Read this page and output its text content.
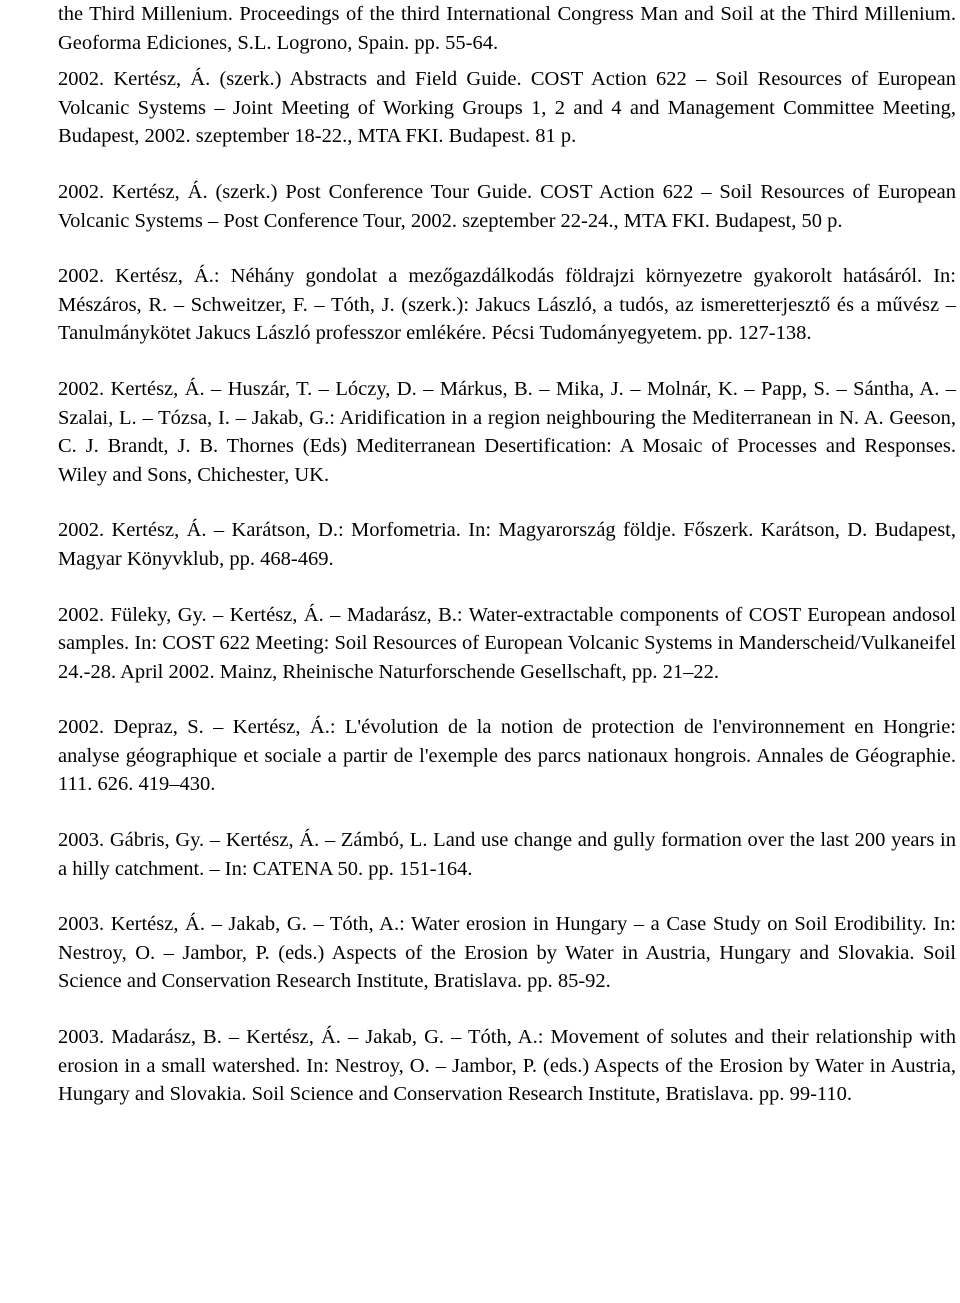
the Third Millenium. Proceedings of the third International Congress Man and Soil at the Third Millenium. Geoforma Ediciones, S.L. Logrono, Spain. pp. 55-64.

2002. Kertész, Á. (szerk.) Abstracts and Field Guide. COST Action 622 – Soil Resources of European Volcanic Systems – Joint Meeting of Working Groups 1, 2 and 4 and Management Committee Meeting, Budapest, 2002. szeptember 18-22., MTA FKI. Budapest. 81 p.

2002. Kertész, Á. (szerk.) Post Conference Tour Guide. COST Action 622 – Soil Resources of European Volcanic Systems – Post Conference Tour, 2002. szeptember 22-24., MTA FKI. Budapest, 50 p.

2002. Kertész, Á.: Néhány gondolat a mezőgazdálkodás földrajzi környezetre gyakorolt hatásáról. In: Mészáros, R. – Schweitzer, F. – Tóth, J. (szerk.): Jakucs László, a tudós, az ismeretterjesztő és a művész – Tanulmánykötet Jakucs László professzor emlékére. Pécsi Tudományegyetem. pp. 127-138.

2002. Kertész, Á. – Huszár, T. – Lóczy, D. – Márkus, B. – Mika, J. – Molnár, K. – Papp, S. – Sántha, A. – Szalai, L. – Tózsa, I. – Jakab, G.: Aridification in a region neighbouring the Mediterranean in N. A. Geeson, C. J. Brandt, J. B. Thornes (Eds) Mediterranean Desertification: A Mosaic of Processes and Responses. Wiley and Sons, Chichester, UK.

2002. Kertész, Á. – Karátson, D.: Morfometria. In: Magyarország földje. Főszerk. Karátson, D. Budapest, Magyar Könyvklub, pp. 468-469.

2002. Füleky, Gy. – Kertész, Á. – Madarász, B.: Water-extractable components of COST European andosol samples. In: COST 622 Meeting: Soil Resources of European Volcanic Systems in Manderscheid/Vulkaneifel 24.-28. April 2002. Mainz, Rheinische Naturforschende Gesellschaft, pp. 21–22.

2002. Depraz, S. – Kertész, Á.: L'évolution de la notion de protection de l'environnement en Hongrie: analyse géographique et sociale a partir de l'exemple des parcs nationaux hongrois. Annales de Géographie. 111. 626. 419–430.

2003. Gábris, Gy. – Kertész, Á. – Zámbó, L. Land use change and gully formation over the last 200 years in a hilly catchment. – In: CATENA 50. pp. 151-164.

2003. Kertész, Á. – Jakab, G. – Tóth, A.: Water erosion in Hungary – a Case Study on Soil Erodibility. In: Nestroy, O. – Jambor, P. (eds.) Aspects of the Erosion by Water in Austria, Hungary and Slovakia. Soil Science and Conservation Research Institute, Bratislava. pp. 85-92.

2003. Madarász, B. – Kertész, Á. – Jakab, G. – Tóth, A.: Movement of solutes and their relationship with erosion in a small watershed. In: Nestroy, O. – Jambor, P. (eds.) Aspects of the Erosion by Water in Austria, Hungary and Slovakia. Soil Science and Conservation Research Institute, Bratislava. pp. 99-110.
